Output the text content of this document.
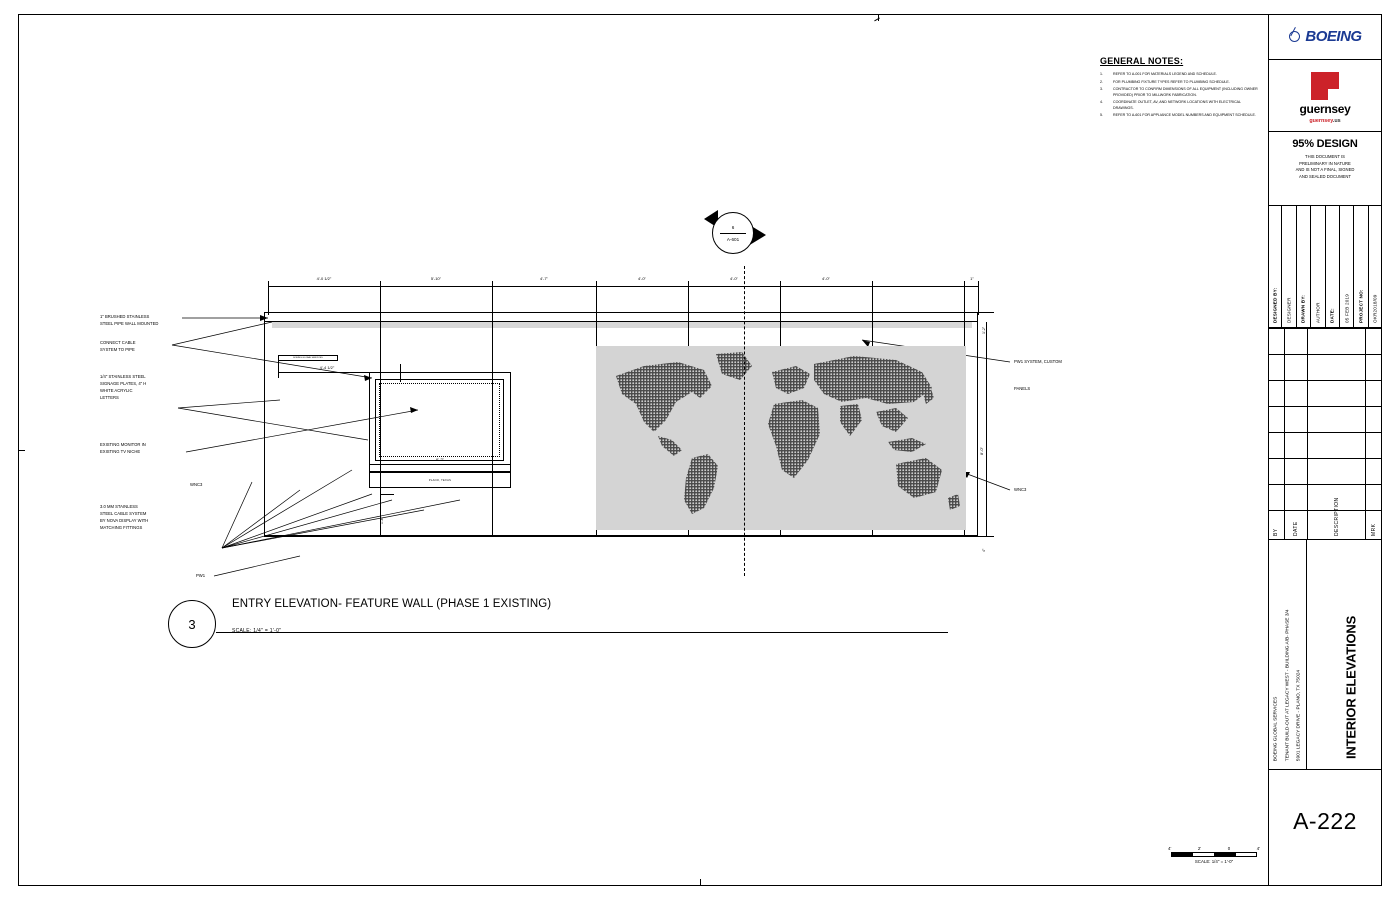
PLANO, TEXAS
BOEING GLOBAL SERVICES
6
A-601
4'-0 1/2"	5'-10"	4'-7"	4'-0"	4'-0"	4'-0"	1"
6'-2"
4'-4 1/2"
8'-0"
1'-2"
4"
1'-4"
1" BRUSHED STAINLESS
STEEL PIPE WALL MOUNTED
CONNECT CABLE
SYSTEM TO PIPE
1/4" STAINLESS STEEL
SIGNAGE PLATES, 4" H
WHITE ACRYLIC
LETTERS
EXISTING MONITOR IN
EXISTING TV NICHE
3.0 MM STAINLESS
STEEL CABLE SYSTEM
BY NOVA DISPLAY WITH
MATCHING FITTINGS
WNC3
PW1
WNC3
PW1 SYSTEM, CUSTOM
PANELS
3
ENTRY ELEVATION- FEATURE WALL (PHASE 1 EXISTING)
SCALE: 1/4" = 1'-0"
GENERAL NOTES:
1.	REFER TO A-001 FOR MATERIALS LEGEND AND SCHEDULE.
2.	FOR PLUMBING FIXTURE TYPES REFER TO PLUMBING SCHEDULE.
3.	CONTRACTOR TO CONFIRM DIMENSIONS OF ALL EQUIPMENT (INCLUDING OWNER PROVIDED) PRIOR TO MILLWORK FABRICATION.
4.	COORDINATE OUTLET, AV, AND NETWORK LOCATIONS WITH ELECTRICAL DRAWINGS.
5.	REFER TO A-601 FOR APPLIANCE MODEL NUMBERS AND EQUIPMENT SCHEDULE.
BOEING
guernsey
guernsey.us
95% DESIGN
THIS DOCUMENT IS
PRELIMINARY IN NATURE
AND IS NOT A FINAL, SIGNED
AND SEALED DOCUMENT
DESIGNED BY: DESIGNER DRAWN BY: AUTHOR DATE: 05 FEB 2019 PROJECT NO: OKR2018/09
BY	DATE	DESCRIPTION	MRK
BOEING GLOBAL SERVICES TENANT BUILD-OUT AT LEGACY WEST - BUILDING A/B- PHASE 3/4 5901 LEGACY DRIVE - PLANO, TX 75024	INTERIOR ELEVATIONS
A-222
4'	2'	0	4'
SCALE: 1/4" = 1'-0"
